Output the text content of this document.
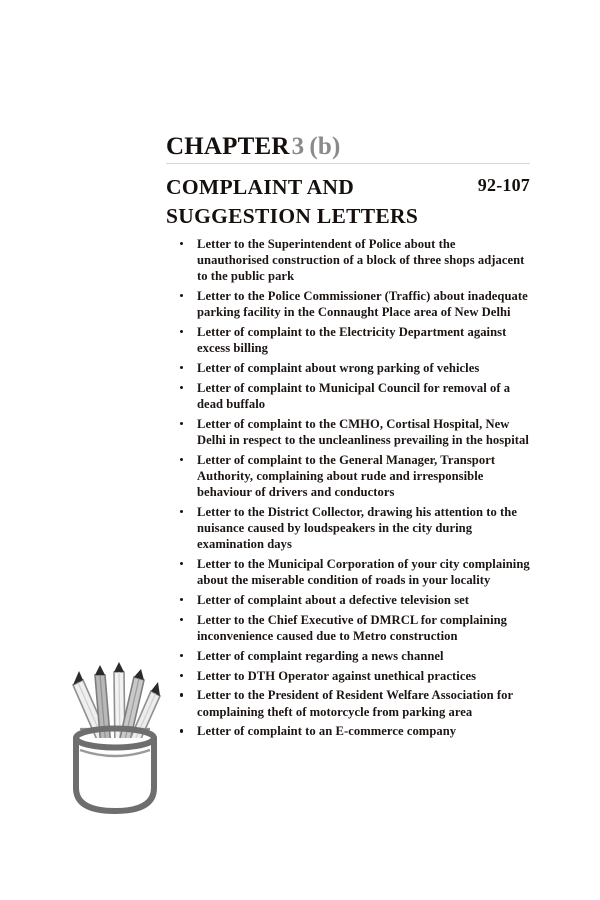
CHAPTER3 (b)
COMPLAINT AND
SUGGESTION LETTERS
92-107
Letter to the Superintendent of Police about the unauthorised construction of a block of three shops adjacent to the public park
Letter to the Police Commissioner (Traffic) about inadequate parking facility in the Connaught Place area of New Delhi
Letter of complaint to the Electricity Department against excess billing
Letter of complaint about wrong parking of vehicles
Letter of complaint to Municipal Council for removal of a dead buffalo
Letter of complaint to the CMHO, Cortisal Hospital, New Delhi in respect to the uncleanliness prevailing in the hospital
Letter of complaint to the General Manager, Transport Authority, complaining about rude and irresponsible behaviour of drivers and conductors
Letter to the District Collector, drawing his attention to the nuisance caused by loudspeakers in the city during examination days
Letter to the Municipal Corporation of your city complaining about the miserable condition of roads in your locality
Letter of complaint about a defective television set
Letter to the Chief Executive of DMRCL for complaining inconvenience caused due to Metro construction
Letter of complaint regarding a news channel
Letter to DTH Operator against unethical practices
Letter to the President of Resident Welfare Association for complaining theft of motorcycle from parking area
Letter of complaint to an E-commerce company
